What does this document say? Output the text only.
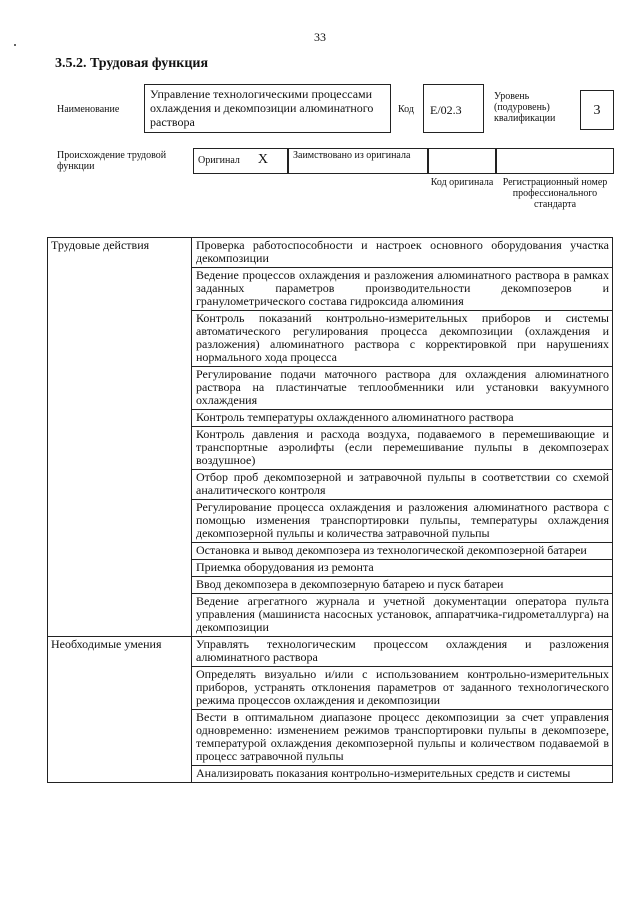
33
3.5.2. Трудовая функция
Наименование
Управление технологическими процессами охлаждения и декомпозиции алюминатного раствора
Код	E/02.3
Уровень (подуровень) квалификации
3
Происхождение трудовой функции
Оригинал X	Заимствовано из оригинала
Код оригинала Регистрационный номер профессионального стандарта
Трудовые действия	Проверка работоспособности и настроек основного оборудования участка декомпозиции
	Ведение процессов охлаждения и разложения алюминатного раствора в рамках заданных параметров производительности декомпозеров и гранулометрического состава гидроксида алюминия
	Контроль показаний контрольно-измерительных приборов и системы автоматического регулирования процесса декомпозиции (охлаждения и разложения) алюминатного раствора с корректировкой при нарушениях нормального хода процесса
	Регулирование подачи маточного раствора для охлаждения алюминатного раствора на пластинчатые теплообменники или установки вакуумного охлаждения
	Контроль температуры охлажденного алюминатного раствора
	Контроль давления и расхода воздуха, подаваемого в перемешивающие и транспортные аэролифты (если перемешивание пульпы в декомпозерах воздушное)
	Отбор проб декомпозерной и затравочной пульпы в соответствии со схемой аналитического контроля
	Регулирование процесса охлаждения и разложения алюминатного раствора с помощью изменения транспортировки пульпы, температуры охлаждения декомпозерной пульпы и количества затравочной пульпы
	Остановка и вывод декомпозера из технологической декомпозерной батареи
	Приемка оборудования из ремонта
	Ввод декомпозера в декомпозерную батарею и пуск батареи
	Ведение агрегатного журнала и учетной документации оператора пульта управления (машиниста насосных установок, аппаратчика-гидрометаллурга) на декомпозиции
Необходимые умения	Управлять технологическим процессом охлаждения и разложения алюминатного раствора
	Определять визуально и/или с использованием контрольно-измерительных приборов, устранять отклонения параметров от заданного технологического режима процессов охлаждения и декомпозиции
	Вести в оптимальном диапазоне процесс декомпозиции за счет управления одновременно: изменением режимов транспортировки пульпы в декомпозере, температурой охлаждения декомпозерной пульпы и количеством подаваемой в процесс затравочной пульпы
	Анализировать показания контрольно-измерительных средств и системы
